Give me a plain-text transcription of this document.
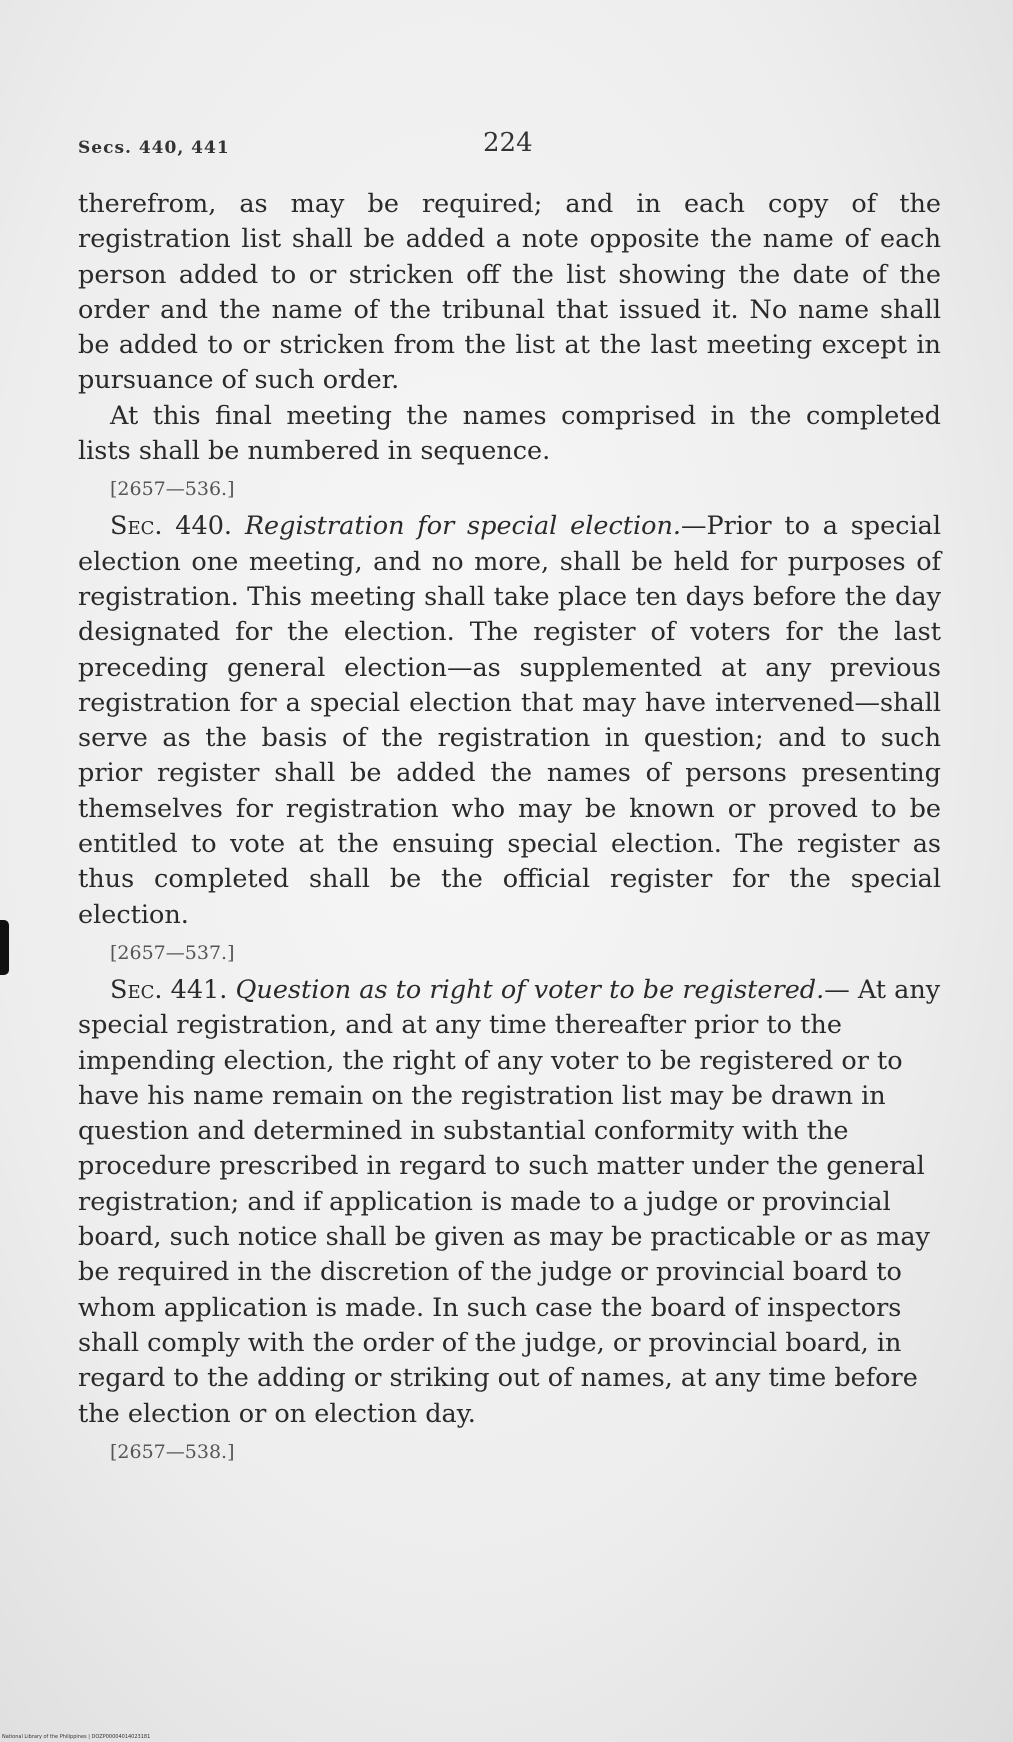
Secs. 440, 441	224

therefrom, as may be required; and in each copy of the registration list shall be added a note opposite the name of each person added to or stricken off the list showing the date of the order and the name of the tribunal that issued it. No name shall be added to or stricken from the list at the last meeting except in pursuance of such order.

At this final meeting the names comprised in the completed lists shall be numbered in sequence.

[2657—536.]

Sec. 440. Registration for special election.—Prior to a special election one meeting, and no more, shall be held for purposes of registration. This meeting shall take place ten days before the day designated for the election. The register of voters for the last preceding general election—as supplemented at any previous registration for a special election that may have intervened—shall serve as the basis of the registration in question; and to such prior register shall be added the names of persons presenting themselves for registration who may be known or proved to be entitled to vote at the ensuing special election. The register as thus completed shall be the official register for the special election.

[2657—537.]

Sec. 441. Question as to right of voter to be registered.— At any special registration, and at any time thereafter prior to the impending election, the right of any voter to be registered or to have his name remain on the registration list may be drawn in question and determined in substantial conformity with the procedure prescribed in regard to such matter under the general registration; and if application is made to a judge or provincial board, such notice shall be given as may be practicable or as may be required in the discretion of the judge or provincial board to whom application is made. In such case the board of inspectors shall comply with the order of the judge, or provincial board, in regard to the adding or striking out of names, at any time before the election or on election day.

[2657—538.]
National Library of the Philippines | DOZP00004014023181
